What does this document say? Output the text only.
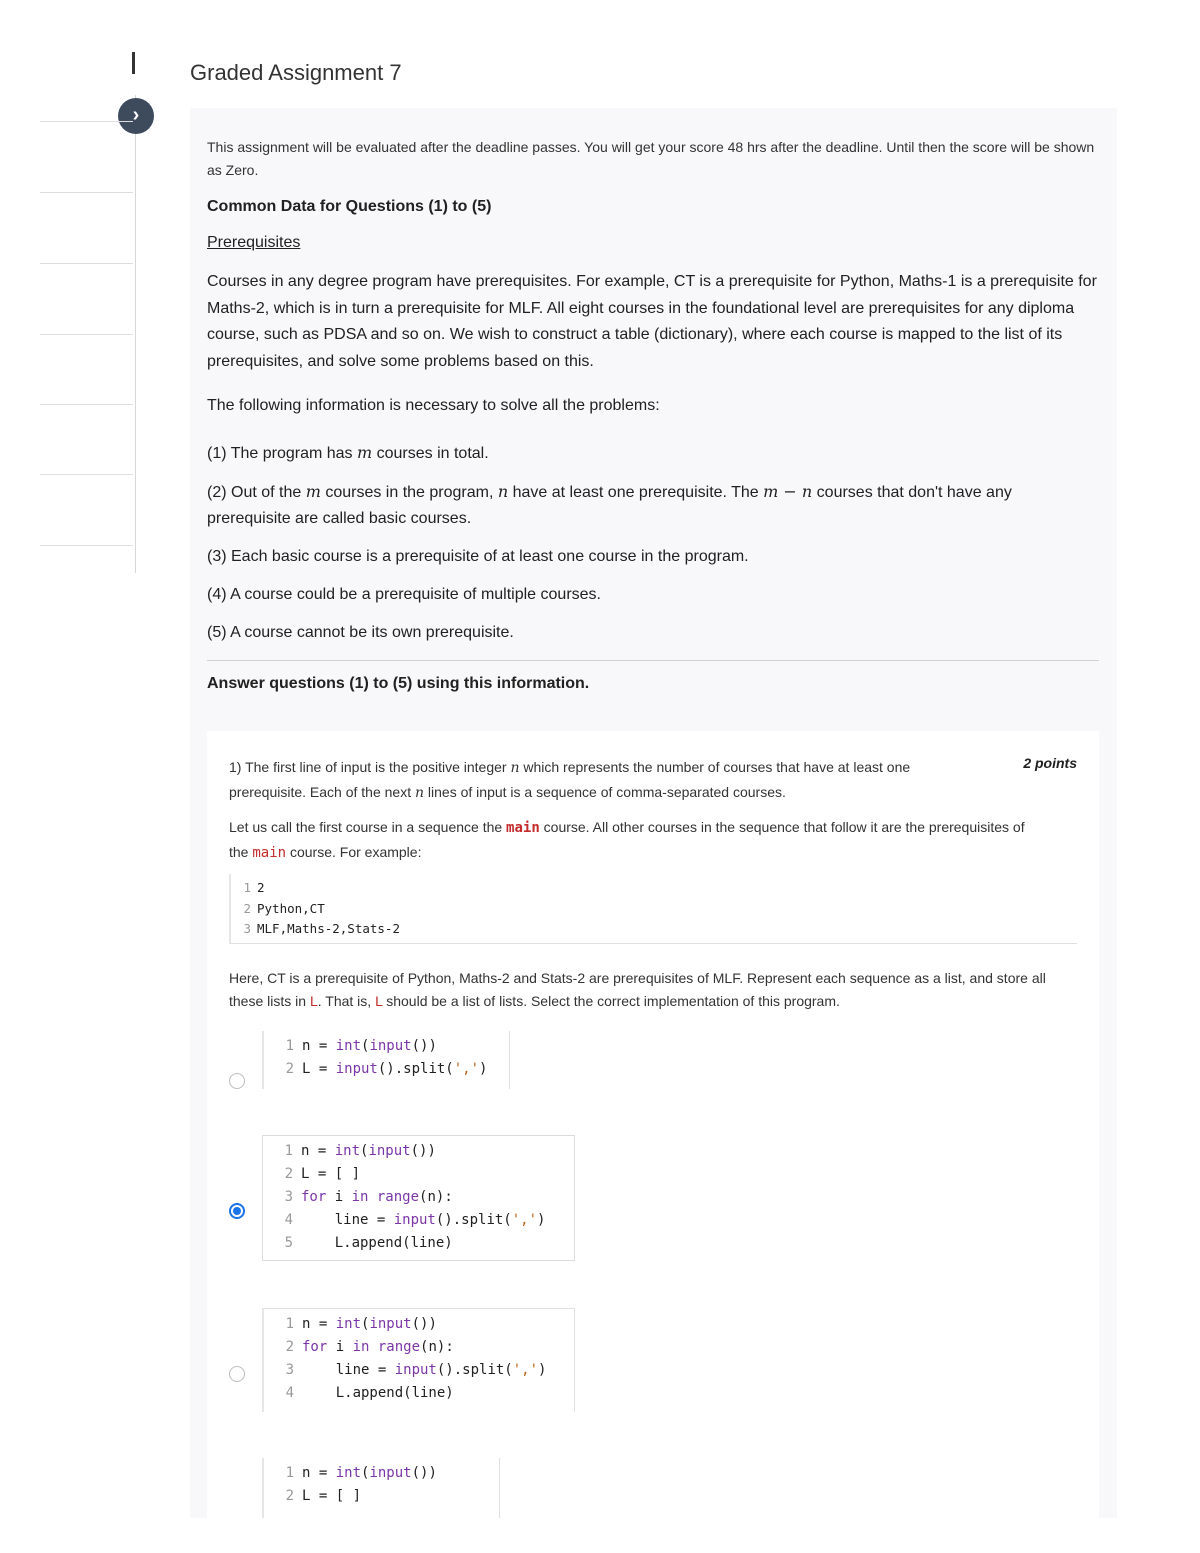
›
Graded Assignment 7

This assignment will be evaluated after the deadline passes. You will get your score 48 hrs after the deadline. Until then the score will be shown as Zero.

Common Data for Questions (1) to (5)

Prerequisites

Courses in any degree program have prerequisites. For example, CT is a prerequisite for Python, Maths-1 is a prerequisite for Maths-2, which is in turn a prerequisite for MLF. All eight courses in the foundational level are prerequisites for any diploma course, such as PDSA and so on. We wish to construct a table (dictionary), where each course is mapped to the list of its prerequisites, and solve some problems based on this.

The following information is necessary to solve all the problems:

(1) The program has m courses in total.

(2) Out of the m courses in the program, n have at least one prerequisite. The m − n courses that don't have any prerequisite are called basic courses.

(3) Each basic course is a prerequisite of at least one course in the program.

(4) A course could be a prerequisite of multiple courses.

(5) A course cannot be its own prerequisite.

Answer questions (1) to (5) using this information.

1) The first line of input is the positive integer n which represents the number of courses that have at least one prerequisite. Each of the next n lines of input is a sequence of comma-separated courses.

2 points

Let us call the first course in a sequence the main course. All other courses in the sequence that follow it are the prerequisites of the main course. For example:

1 2
2 Python,CT
3 MLF,Maths-2,Stats-2

Here, CT is a prerequisite of Python, Maths-2 and Stats-2 are prerequisites of MLF. Represent each sequence as a list, and store all these lists in L. That is, L should be a list of lists. Select the correct implementation of this program.

1 n = int(input())
2 L = input().split(',')
1 n = int(input())
2 L = [ ]
3 for i in range(n):
4    line = input().split(',')
5    L.append(line)
1 n = int(input())
2 for i in range(n):
3    line = input().split(',')
4    L.append(line)
1 n = int(input())
2 L = [ ]
